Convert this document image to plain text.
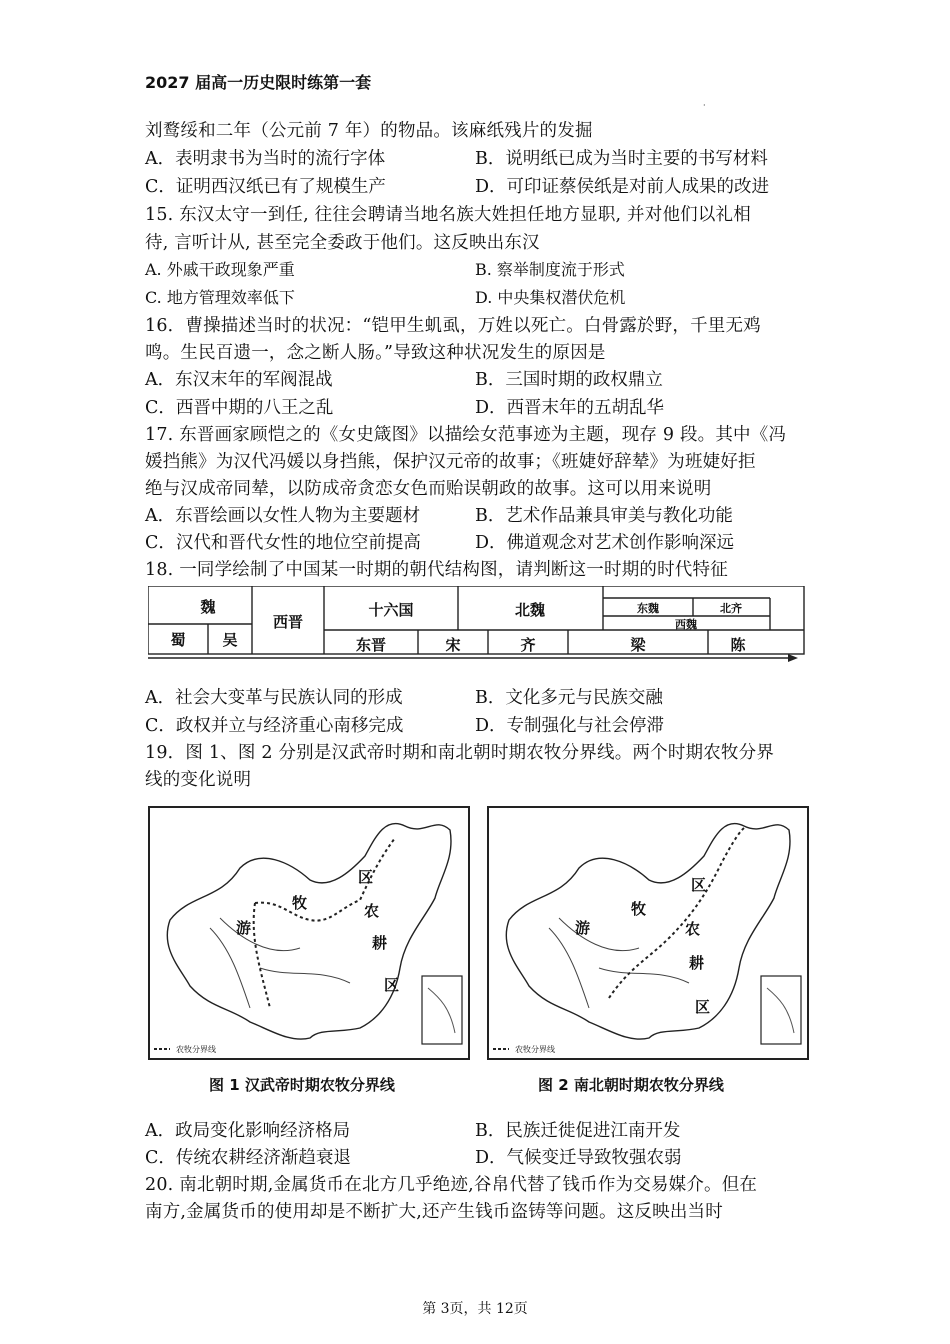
2027 届高一历史限时练第一套
·
刘鹜绥和二年（公元前 7 年）的物品。该麻纸残片的发掘
A．表明隶书为当时的流行字体	B．说明纸已成为当时主要的书写材料
C．证明西汉纸已有了规模生产	D．可印证蔡侯纸是对前人成果的改进
15. 东汉太守一到任, 往往会聘请当地名族大姓担任地方显职, 并对他们以礼相
待, 言听计从, 甚至完全委政于他们。这反映出东汉
A. 外戚干政现象严重	B. 察举制度流于形式
C. 地方管理效率低下	D. 中央集权潜伏危机
16．曹操描述当时的状况：“铠甲生虮虱，万姓以死亡。白骨露於野，千里无鸡
鸣。生民百遗一，念之断人肠。”导致这种状况发生的原因是
A．东汉末年的军阀混战	B．三国时期的政权鼎立
C．西晋中期的八王之乱	D．西晋末年的五胡乱华
17. 东晋画家顾恺之的《女史箴图》以描绘女范事迹为主题，现存 9 段。其中《冯
媛挡熊》为汉代冯媛以身挡熊，保护汉元帝的故事；《班婕妤辞辇》为班婕好拒
绝与汉成帝同辇，以防成帝贪恋女色而贻误朝政的故事。这可以用来说明
A．东晋绘画以女性人物为主要题材	B．艺术作品兼具审美与教化功能
C．汉代和晋代女性的地位空前提高	D．佛道观念对艺术创作影响深远
18. 一同学绘制了中国某一时期的朝代结构图，请判断这一时期的时代特征
魏
蜀 吴
西晋
十六国	北魏	东魏	北齐
西魏
东晋	宋	齐	梁	陈
A．社会大变革与民族认同的形成	B．文化多元与民族交融
C．政权并立与经济重心南移完成	D．专制强化与社会停滞
19．图 1、图 2 分别是汉武帝时期和南北朝时期农牧分界线。两个时期农牧分界
线的变化说明
游
牧
区
农
耕
区
农牧分界线
游
牧
区
农
耕
区
农牧分界线
图 1 汉武帝时期农牧分界线	图 2 南北朝时期农牧分界线
A．政局变化影响经济格局	B．民族迁徙促进江南开发
C．传统农耕经济渐趋衰退	D．气候变迁导致牧强农弱
20. 南北朝时期,金属货币在北方几乎绝迹,谷帛代替了钱币作为交易媒介。但在
南方,金属货币的使用却是不断扩大,还产生钱币盗铸等问题。这反映出当时
第 3页，共 12页
